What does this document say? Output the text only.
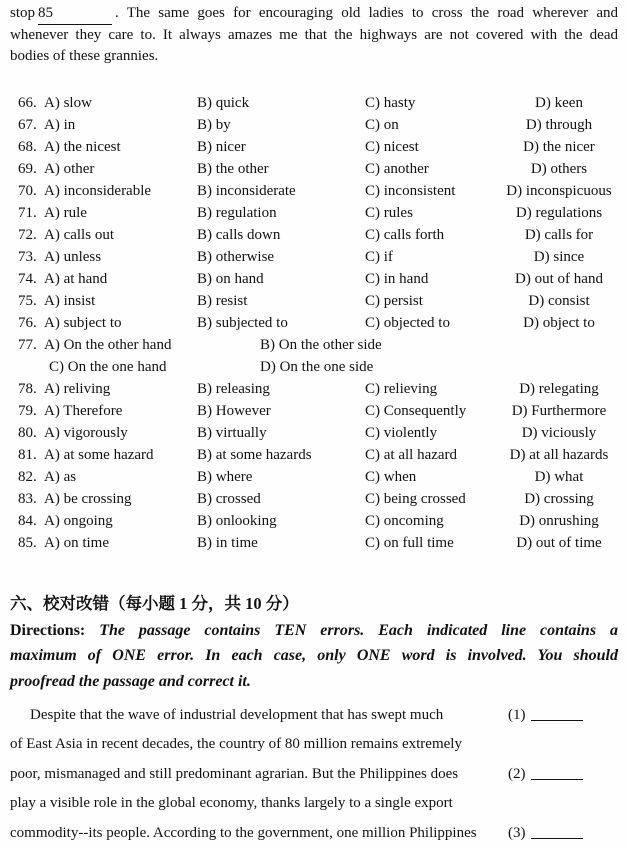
stop 85	. The same goes for encouraging old ladies to cross the road wherever and
whenever they care to. It always amazes me that the highways are not covered with the dead
bodies of these grannies.
66. A) slow	B) quick	C) hasty	D) keen
67. A) in	B) by	C) on	D) through
68. A) the nicest	B) nicer	C) nicest	D) the nicer
69. A) other	B) the other	C) another	D) others
70. A) inconsiderable	B) inconsiderate	C) inconsistent	D) inconspicuous
71. A) rule	B) regulation	C) rules	D) regulations
72. A) calls out	B) calls down	C) calls forth	D) calls for
73. A) unless	B) otherwise	C) if	D) since
74. A) at hand	B) on hand	C) in hand	D) out of hand
75. A) insist	B) resist	C) persist	D) consist
76. A) subject to	B) subjected to	C) objected to	D) object to
77. A) On the other hand	B) On the other side
C) On the one hand	D) On the one side
78. A) reliving	B) releasing	C) relieving	D) relegating
79. A) Therefore	B) However	C) Consequently	D) Furthermore
80. A) vigorously	B) virtually	C) violently	D) viciously
81. A) at some hazard	B) at some hazards	C) at all hazard	D) at all hazards
82. A) as	B) where	C) when	D) what
83. A) be crossing	B) crossed	C) being crossed	D) crossing
84. A) ongoing	B) onlooking	C) oncoming	D) onrushing
85. A) on time	B) in time	C) on full time	D) out of time
六、校对改错（每小题 1 分，共 10 分）
Directions: The passage contains TEN errors. Each indicated line contains a
maximum of ONE error. In each case, only ONE word is involved. You should
proofread the passage and correct it.
Despite that the wave of industrial development that has swept much	(1)
of East Asia in recent decades, the country of 80 million remains extremely
poor, mismanaged and still predominant agrarian. But the Philippines does	(2)
play a visible role in the global economy, thanks largely to a single export
commodity--its people. According to the government, one million Philippines	(3)
